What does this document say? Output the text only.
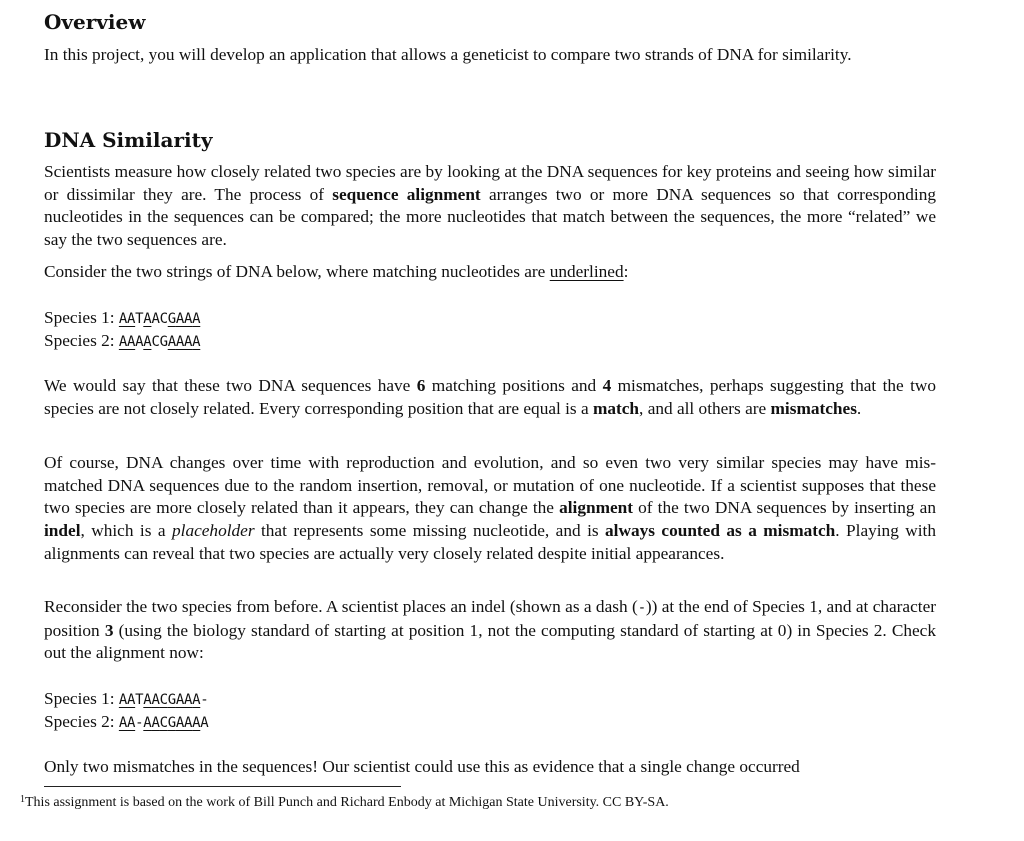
Overview

In this project, you will develop an application that allows a geneticist to compare two strands of DNA for similarity.

DNA Similarity

Scientists measure how closely related two species are by looking at the DNA sequences for key proteins and seeing how similar or dissimilar they are. The process of sequence alignment arranges two or more DNA sequences so that corresponding nucleotides in the sequences can be compared; the more nucleotides that match between the sequences, the more “related” we say the two sequences are.

Consider the two strings of DNA below, where matching nucleotides are underlined:

Species 1: AATAACGAAA
Species 2: AAAACGAAAA

We would say that these two DNA sequences have 6 matching positions and 4 mismatches, perhaps suggesting that the two species are not closely related. Every corresponding position that are equal is a match, and all others are mismatches.

Of course, DNA changes over time with reproduction and evolution, and so even two very similar species may have mis-matched DNA sequences due to the random insertion, removal, or mutation of one nucleotide. If a scientist supposes that these two species are more closely related than it appears, they can change the alignment of the two DNA sequences by inserting an indel, which is a placeholder that represents some missing nucleotide, and is always counted as a mismatch. Playing with alignments can reveal that two species are actually very closely related despite initial appearances.

Reconsider the two species from before. A scientist places an indel (shown as a dash (-)) at the end of Species 1, and at character position 3 (using the biology standard of starting at position 1, not the computing standard of starting at 0) in Species 2. Check out the alignment now:

Species 1: AATAACGAAA-
Species 2: AA-AACGAAAA

Only two mismatches in the sequences! Our scientist could use this as evidence that a single change occurred

$^1$This assignment is based on the work of Bill Punch and Richard Enbody at Michigan State University. CC BY-SA.
